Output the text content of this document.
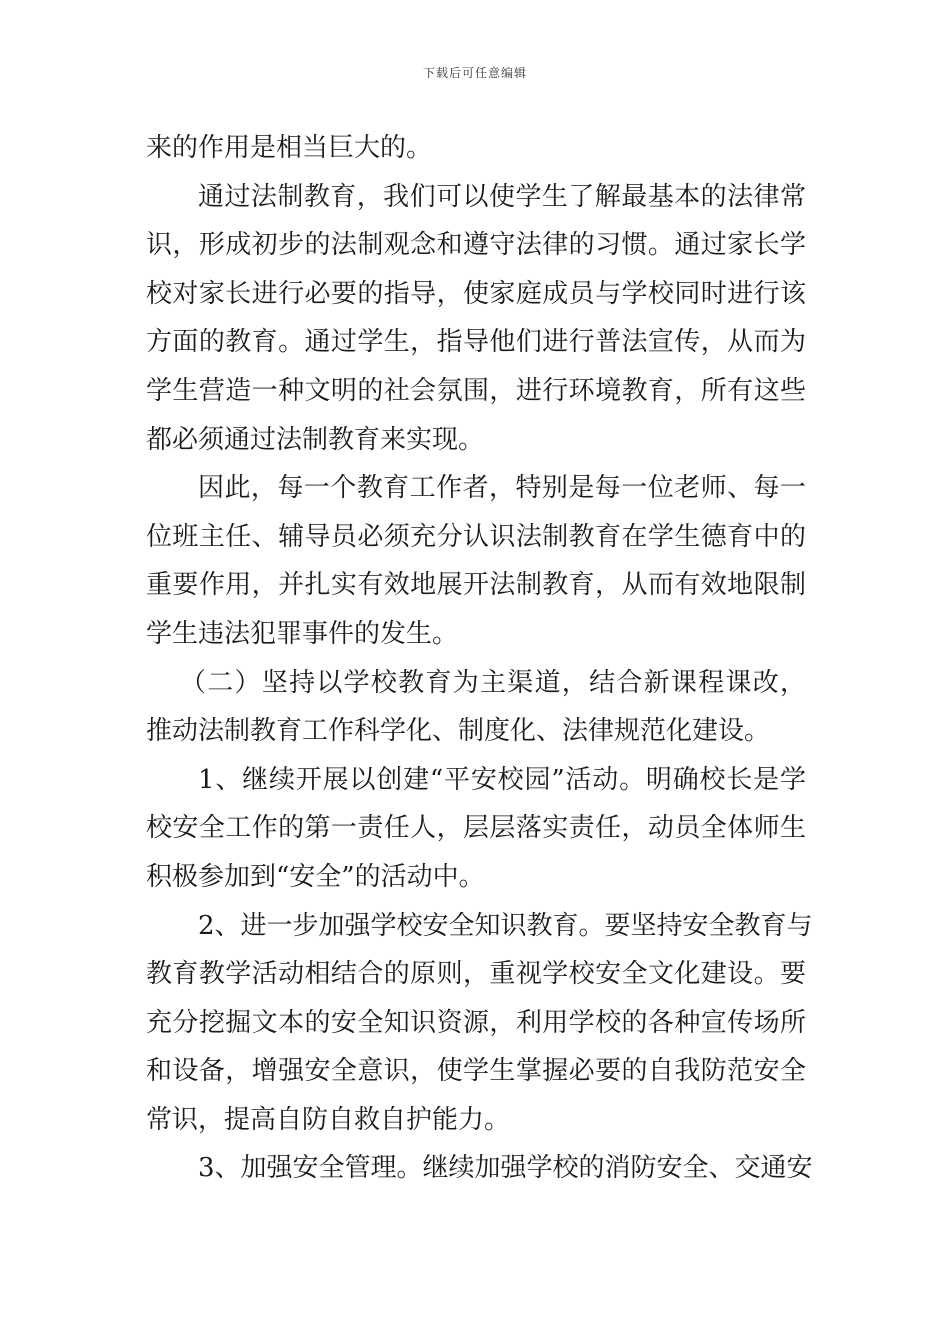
下载后可任意编辑
来的作用是相当巨大的。
通过法制教育，我们可以使学生了解最基本的法律常
识，形成初步的法制观念和遵守法律的习惯。通过家长学
校对家长进行必要的指导，使家庭成员与学校同时进行该
方面的教育。通过学生，指导他们进行普法宣传，从而为
学生营造一种文明的社会氛围，进行环境教育，所有这些
都必须通过法制教育来实现。
因此，每一个教育工作者，特别是每一位老师、每一
位班主任、辅导员必须充分认识法制教育在学生德育中的
重要作用，并扎实有效地展开法制教育，从而有效地限制
学生违法犯罪事件的发生。
（二）坚持以学校教育为主渠道，结合新课程课改，
推动法制教育工作科学化、制度化、法律规范化建设。
1、继续开展以创建“平安校园”活动。明确校长是学
校安全工作的第一责任人，层层落实责任，动员全体师生
积极参加到“安全”的活动中。
2、进一步加强学校安全知识教育。要坚持安全教育与
教育教学活动相结合的原则，重视学校安全文化建设。要
充分挖掘文本的安全知识资源，利用学校的各种宣传场所
和设备，增强安全意识，使学生掌握必要的自我防范安全
常识，提高自防自救自护能力。
3、加强安全管理。继续加强学校的消防安全、交通安
